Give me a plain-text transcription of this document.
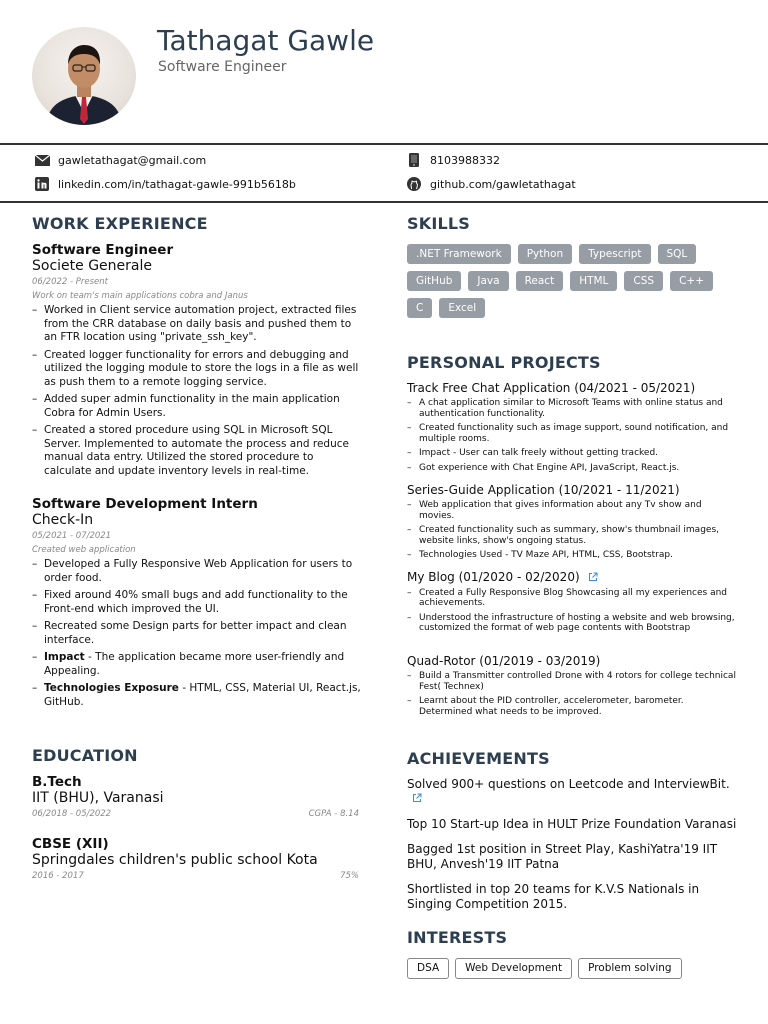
Tathagat Gawle
Software Engineer
gawletathagat@gmail.com	8103988332
linkedin.com/in/tathagat-gawle-991b5618b	github.com/gawletathagat
WORK EXPERIENCE
Software Engineer
Societe Generale
06/2022 - Present
Work on team's main applications cobra and Janus
– Worked in Client service automation project, extracted files from the CRR database on daily basis and pushed them to an FTR location using "private_ssh_key".
– Created logger functionality for errors and debugging and utilized the logging module to store the logs in a file as well as push them to a remote logging service.
– Added super admin functionality in the main application Cobra for Admin Users.
– Created a stored procedure using SQL in Microsoft SQL Server. Implemented to automate the process and reduce manual data entry. Utilized the stored procedure to calculate and update inventory levels in real-time.
Software Development Intern
Check-In
05/2021 - 07/2021
Created web application
– Developed a Fully Responsive Web Application for users to order food.
– Fixed around 40% small bugs and add functionality to the Front-end which improved the UI.
– Recreated some Design parts for better impact and clean interface.
– Impact - The application became more user-friendly and Appealing.
– Technologies Exposure - HTML, CSS, Material UI, React.js, GitHub.
EDUCATION
B.Tech
IIT (BHU), Varanasi
06/2018 - 05/2022	CGPA - 8.14
CBSE (XII)
Springdales children's public school Kota
2016 - 2017	75%
SKILLS
.NET Framework	Python	Typescript	SQL
GitHub	Java	React	HTML	CSS	C++
C	Excel
PERSONAL PROJECTS
Track Free Chat Application (04/2021 - 05/2021)
– A chat application similar to Microsoft Teams with online status and authentication functionality.
– Created functionality such as image support, sound notification, and multiple rooms.
– Impact - User can talk freely without getting tracked.
– Got experience with Chat Engine API, JavaScript, React.js.
Series-Guide Application (10/2021 - 11/2021)
– Web application that gives information about any Tv show and movies.
– Created functionality such as summary, show's thumbnail images, website links, show's ongoing status.
– Technologies Used - TV Maze API, HTML, CSS, Bootstrap.
My Blog (01/2020 - 02/2020)
– Created a Fully Responsive Blog Showcasing all my experiences and achievements.
– Understood the infrastructure of hosting a website and web browsing, customized the format of web page contents with Bootstrap
Quad-Rotor (01/2019 - 03/2019)
– Build a Transmitter controlled Drone with 4 rotors for college technical Fest( Technex)
– Learnt about the PID controller, accelerometer, barometer. Determined what needs to be improved.
ACHIEVEMENTS
Solved 900+ questions on Leetcode and InterviewBit.
Top 10 Start-up Idea in HULT Prize Foundation Varanasi
Bagged 1st position in Street Play, KashiYatra'19 IIT BHU, Anvesh'19 IIT Patna
Shortlisted in top 20 teams for K.V.S Nationals in Singing Competition 2015.
INTERESTS
DSA	Web Development	Problem solving
